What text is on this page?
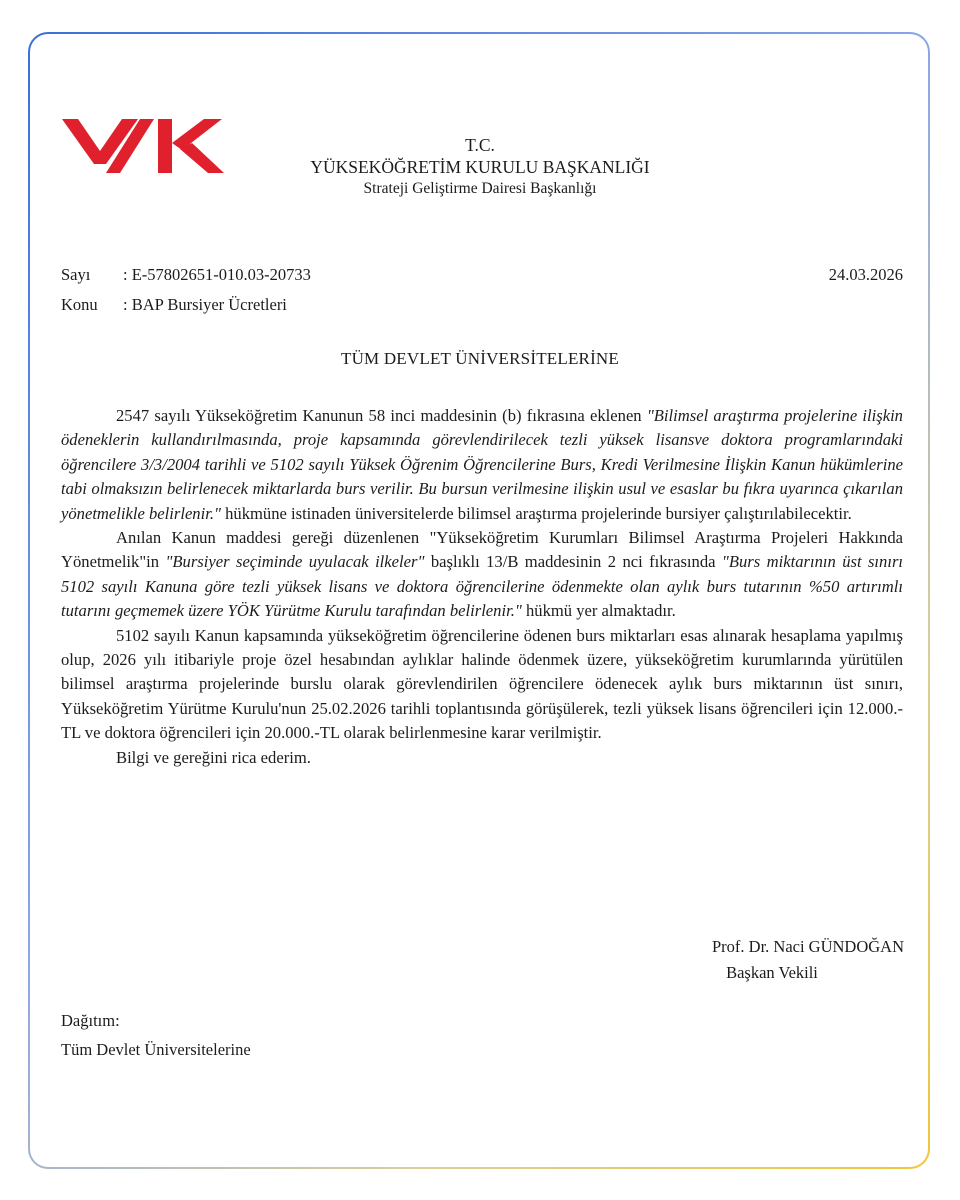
T.C.
YÜKSEKÖĞRETİM KURULU BAŞKANLIĞI
Strateji Geliştirme Dairesi Başkanlığı
Sayı : E-57802651-010.03-20733	24.03.2026
Konu : BAP Bursiyer Ücretleri
TÜM DEVLET ÜNİVERSİTELERİNE

2547 sayılı Yükseköğretim Kanunun 58 inci maddesinin (b) fıkrasına eklenen "Bilimsel araştırma projelerine ilişkin ödeneklerin kullandırılmasında, proje kapsamında görevlendirilecek tezli yüksek lisansve doktora programlarındaki öğrencilere 3/3/2004 tarihli ve 5102 sayılı Yüksek Öğrenim Öğrencilerine Burs, Kredi Verilmesine İlişkin Kanun hükümlerine tabi olmaksızın belirlenecek miktarlarda burs verilir. Bu bursun verilmesine ilişkin usul ve esaslar bu fıkra uyarınca çıkarılan yönetmelikle belirlenir." hükmüne istinaden üniversitelerde bilimsel araştırma projelerinde bursiyer çalıştırılabilecektir.

Anılan Kanun maddesi gereği düzenlenen "Yükseköğretim Kurumları Bilimsel Araştırma Projeleri Hakkında Yönetmelik"in "Bursiyer seçiminde uyulacak ilkeler" başlıklı 13/B maddesinin 2 nci fıkrasında "Burs miktarının üst sınırı 5102 sayılı Kanuna göre tezli yüksek lisans ve doktora öğrencilerine ödenmekte olan aylık burs tutarının %50 artırımlı tutarını geçmemek üzere YÖK Yürütme Kurulu tarafından belirlenir." hükmü yer almaktadır.

5102 sayılı Kanun kapsamında yükseköğretim öğrencilerine ödenen burs miktarları esas alınarak hesaplama yapılmış olup, 2026 yılı itibariyle proje özel hesabından aylıklar halinde ödenmek üzere, yükseköğretim kurumlarında yürütülen bilimsel araştırma projelerinde burslu olarak görevlendirilen öğrencilere ödenecek aylık burs miktarının üst sınırı, Yükseköğretim Yürütme Kurulu'nun 25.02.2026 tarihli toplantısında görüşülerek, tezli yüksek lisans öğrencileri için 12.000.-TL ve doktora öğrencileri için 20.000.-TL olarak belirlenmesine karar verilmiştir.

Bilgi ve gereğini rica ederim.

Prof. Dr. Naci GÜNDOĞAN
Başkan Vekili
Dağıtım:
Tüm Devlet Üniversitelerine
